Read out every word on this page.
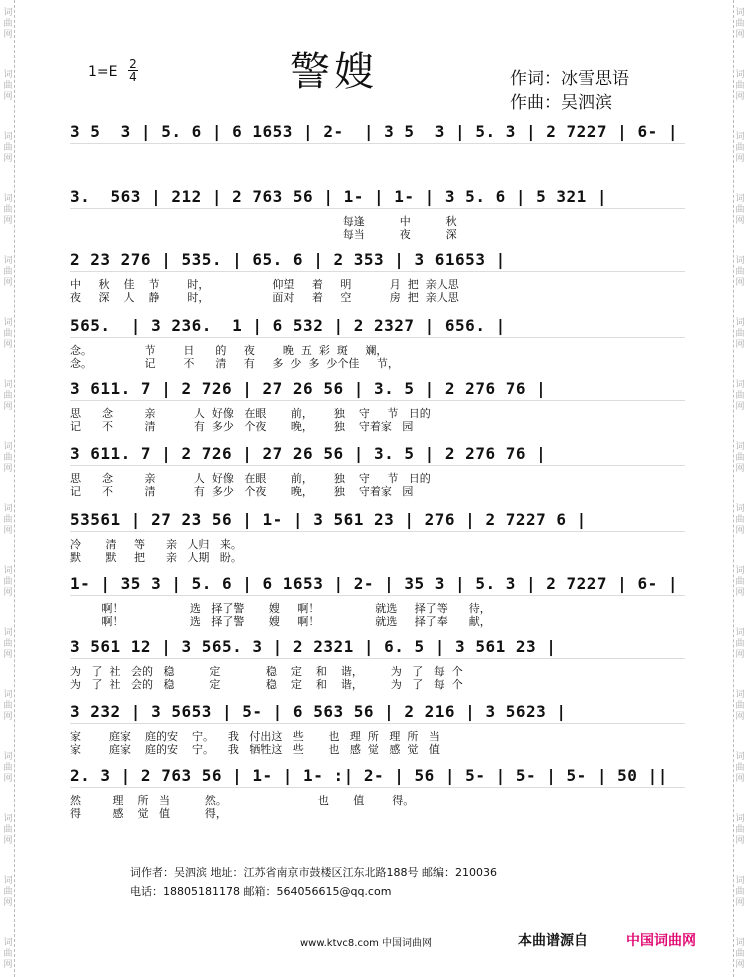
词
曲
网
词
曲
网
词
曲
网
词
曲
网
词
曲
网
词
曲
网
词
曲
网
词
曲
网
词
曲
网
词
曲
网
词
曲
网
词
曲
网
词
曲
网
词
曲
网
词
曲
网
词
曲
网
词
曲
网
词
曲
网
词
曲
网
词
曲
网
词
曲
网
词
曲
网
词
曲
网
词
曲
网
词
曲
网
词
曲
网
词
曲
网
词
曲
网
词
曲
网
词
曲
网
词
曲
网
词
曲
网
1=E 2
4	警嫂	作词：冰雪思语
作曲：吴泗滨
3 5  3 | 5. 6 | 6 1653 | 2-  | 3 5  3 | 5. 3 | 2 7227 | 6- |
3.  563 | 212 | 2 763 56 | 1- | 1- | 3 5. 6 | 5 321 |
每逢          中          秋
每当          夜          深
2 23 276 | 535. | 65. 6 | 2 353 | 3 61653 |
中     秋    佳    节        时，                  仰望     着     明           月  把  亲人思
夜     深    人    静        时，                  面对     着     空           房  把  亲人思
565.  | 3 236.  1 | 6 532 | 2 2327 | 656. |
念。               节        日      的     夜        晚  五  彩  斑     斓，
念。               记        不      清     有     多  少  多  少个佳     节，
3 611. 7 | 2 726 | 27 26 56 | 3. 5 | 2 276 76 |
思      念         亲           人  好像   在眼       前，      独    守     节   日的
记      不         清           有  多少   个夜       晚，      独    守着家   园
3 611. 7 | 2 726 | 27 26 56 | 3. 5 | 2 276 76 |
思      念         亲           人  好像   在眼       前，      独    守     节   日的
记      不         清           有  多少   个夜       晚，      独    守着家   园
53561 | 27 23 56 | 1- | 3 561 23 | 276 | 2 7227 6 |
冷       清     等      亲   人归   来。
默       默     把      亲   人期   盼。
1- | 35 3 | 5. 6 | 6 1653 | 2- | 35 3 | 5. 3 | 2 7227 | 6- |
啊！                   选   择了警       嫂     啊！                就选     择了等      待，
啊！                   选   择了警       嫂     啊！                就选     择了奉      献，
3 561 12 | 3 565. 3 | 2 2321 | 6. 5 | 3 561 23 |
为   了  社   会的   稳          定             稳    定    和    谐，        为   了   每  个
为   了  社   会的   稳          定             稳    定    和    谐，        为   了   每  个
3 232 | 3 5653 | 5- | 6 563 56 | 2 216 | 3 5623 |
家        庭家    庭的安    宁。    我   付出这   些       也   理  所   理  所   当
家        庭家    庭的安    宁。    我   牺牲这   些       也   感  觉   感  觉   值
2. 3 | 2 763 56 | 1- | 1- :| 2- | 56 | 5- | 5- | 5- | 50 ||
然         理    所   当          然。                          也       值        得。
得         感    觉   值          得，
词作者：吴泗滨 地址：江苏省南京市鼓楼区江东北路188号 邮编：210036
电话：18805181178 邮箱：564056615@qq.com
www.ktvc8.com 中国词曲网	本曲谱源自	中国词曲网
